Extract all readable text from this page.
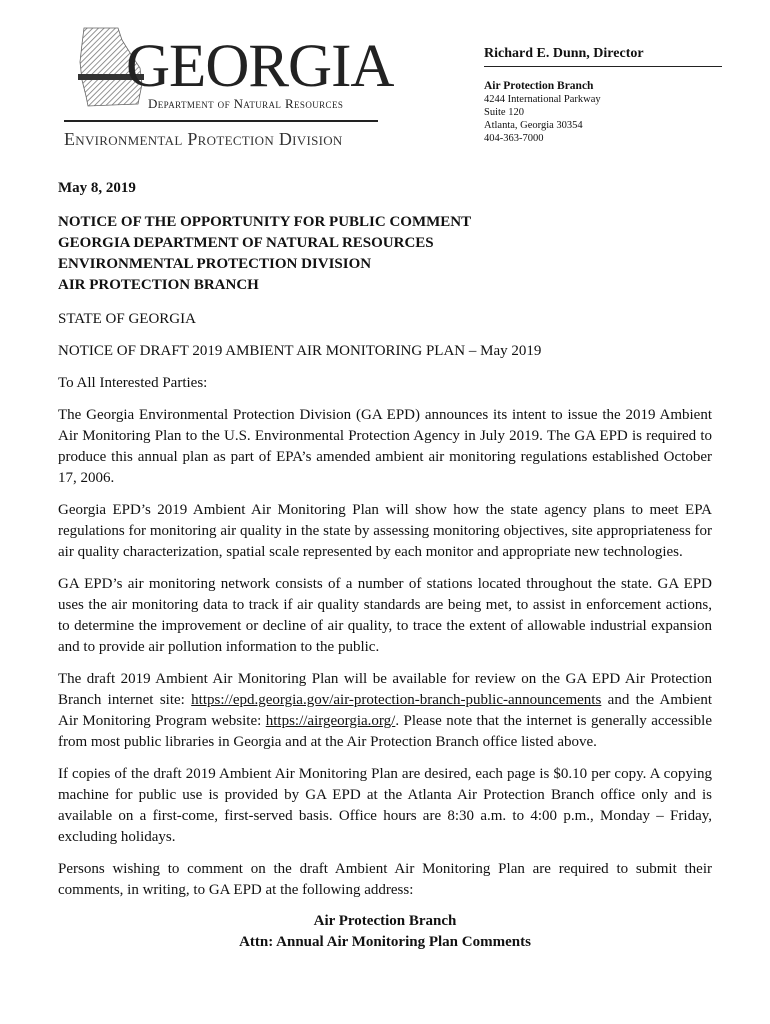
GEORGIA
Department of Natural Resources
Environmental Protection Division
Richard E. Dunn, Director
Air Protection Branch
4244 International Parkway
Suite 120
Atlanta, Georgia 30354
404-363-7000

May 8, 2019

NOTICE OF THE OPPORTUNITY FOR PUBLIC COMMENT
GEORGIA DEPARTMENT OF NATURAL RESOURCES
ENVIRONMENTAL PROTECTION DIVISION
AIR PROTECTION BRANCH

STATE OF GEORGIA

NOTICE OF DRAFT 2019 AMBIENT AIR MONITORING PLAN – May 2019

To All Interested Parties:

The Georgia Environmental Protection Division (GA EPD) announces its intent to issue the 2019 Ambient Air Monitoring Plan to the U.S. Environmental Protection Agency in July 2019. The GA EPD is required to produce this annual plan as part of EPA’s amended ambient air monitoring regulations established October 17, 2006.

Georgia EPD’s 2019 Ambient Air Monitoring Plan will show how the state agency plans to meet EPA regulations for monitoring air quality in the state by assessing monitoring objectives, site appropriateness for air quality characterization, spatial scale represented by each monitor and appropriate new technologies.

GA EPD’s air monitoring network consists of a number of stations located throughout the state. GA EPD uses the air monitoring data to track if air quality standards are being met, to assist in enforcement actions, to determine the improvement or decline of air quality, to trace the extent of allowable industrial expansion and to provide air pollution information to the public.

The draft 2019 Ambient Air Monitoring Plan will be available for review on the GA EPD Air Protection Branch internet site: https://epd.georgia.gov/air-protection-branch-public-announcements and the Ambient Air Monitoring Program website: https://airgeorgia.org/. Please note that the internet is generally accessible from most public libraries in Georgia and at the Air Protection Branch office listed above.

If copies of the draft 2019 Ambient Air Monitoring Plan are desired, each page is $0.10 per copy. A copying machine for public use is provided by GA EPD at the Atlanta Air Protection Branch office only and is available on a first-come, first-served basis. Office hours are 8:30 a.m. to 4:00 p.m., Monday – Friday, excluding holidays.

Persons wishing to comment on the draft Ambient Air Monitoring Plan are required to submit their comments, in writing, to GA EPD at the following address:

Air Protection Branch

Attn: Annual Air Monitoring Plan Comments
